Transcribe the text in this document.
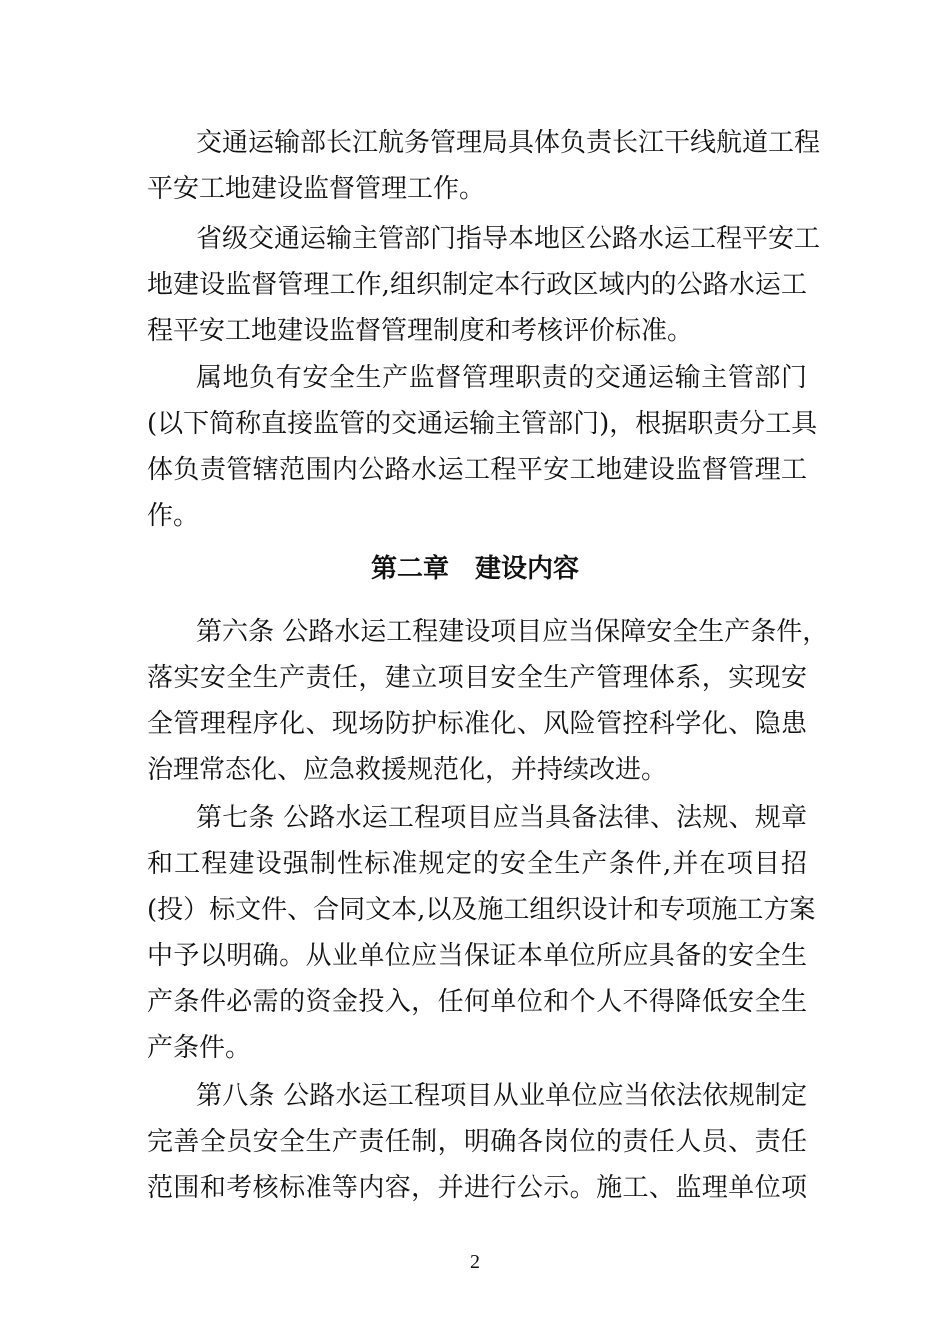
交通运输部长江航务管理局具体负责长江干线航道工程
平安工地建设监督管理工作。
省级交通运输主管部门指导本地区公路水运工程平安工
地建设监督管理工作,组织制定本行政区域内的公路水运工
程平安工地建设监督管理制度和考核评价标准。
属地负有安全生产监督管理职责的交通运输主管部门
(以下简称直接监管的交通运输主管部门)，根据职责分工具
体负责管辖范围内公路水运工程平安工地建设监督管理工
作。
第二章　建设内容
第六条 公路水运工程建设项目应当保障安全生产条件，
落实安全生产责任，建立项目安全生产管理体系，实现安
全管理程序化、现场防护标准化、风险管控科学化、隐患
治理常态化、应急救援规范化，并持续改进。
第七条 公路水运工程项目应当具备法律、法规、规章
和工程建设强制性标准规定的安全生产条件,并在项目招
(投）标文件、合同文本,以及施工组织设计和专项施工方案
中予以明确。从业单位应当保证本单位所应具备的安全生
产条件必需的资金投入，任何单位和个人不得降低安全生
产条件。
第八条 公路水运工程项目从业单位应当依法依规制定
完善全员安全生产责任制，明确各岗位的责任人员、责任
范围和考核标准等内容，并进行公示。施工、监理单位项
2
